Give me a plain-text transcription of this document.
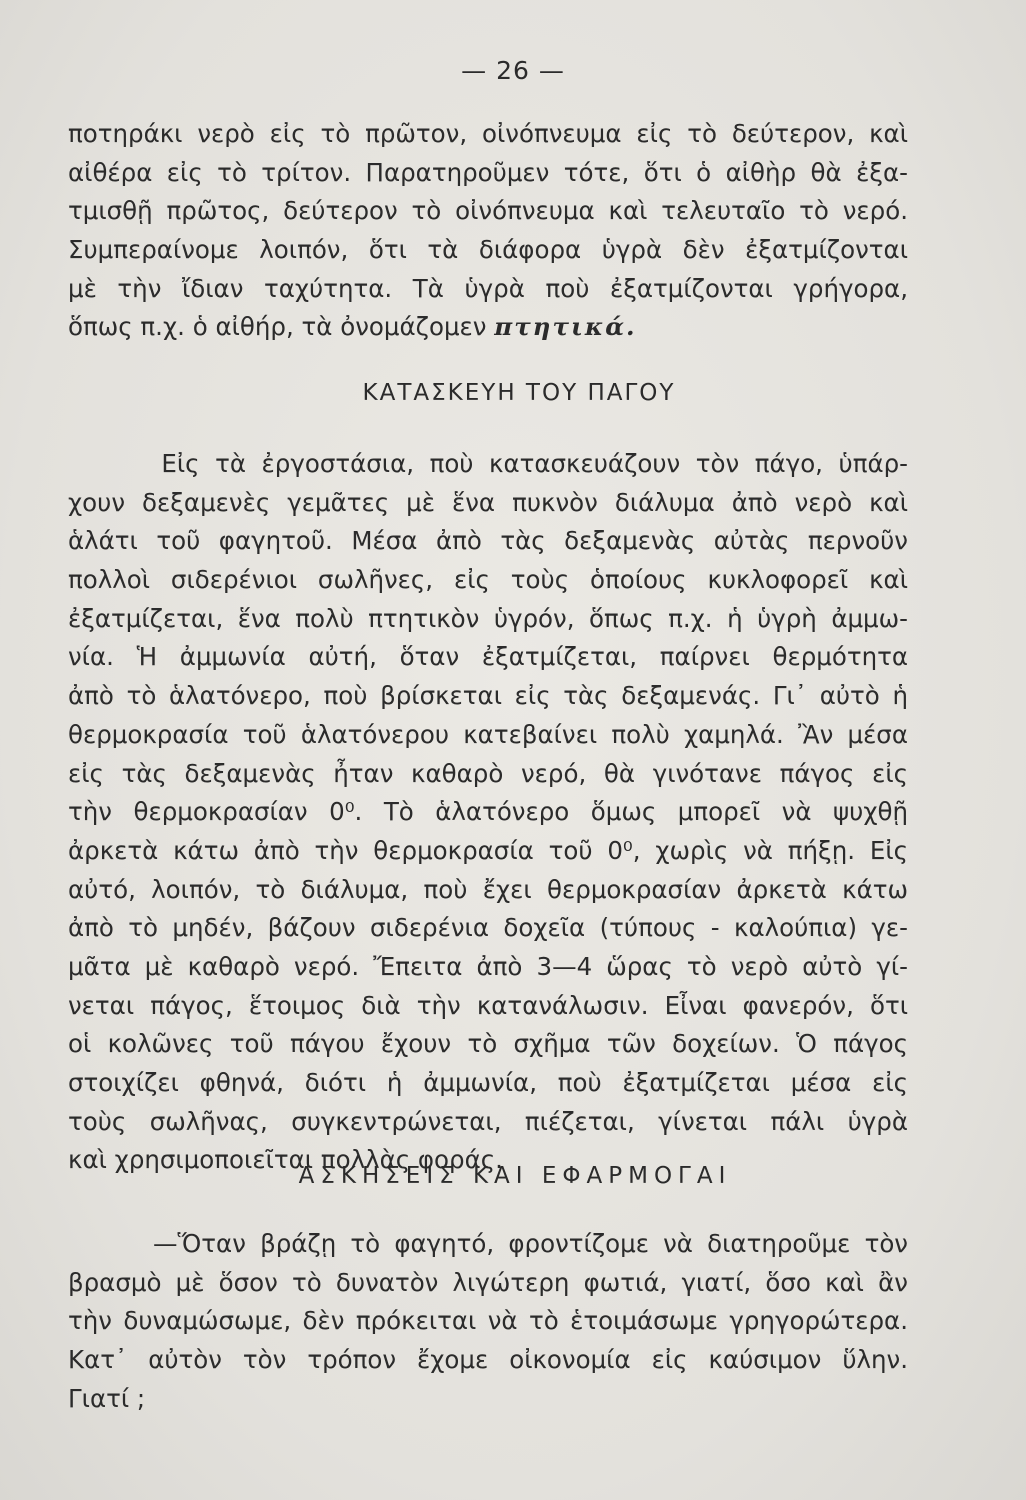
— 26 —
ποτηράκι νερὸ εἰς τὸ πρῶτον, οἰνόπνευμα εἰς τὸ δεύτερον, καὶ
αἰθέρα εἰς τὸ τρίτον. Παρατηροῦμεν τότε, ὅτι ὁ αἰθὴρ θὰ ἐξα-
τμισθῇ πρῶτος, δεύτερον τὸ οἰνόπνευμα καὶ τελευταῖο τὸ νερό.
Συμπεραίνομε λοιπόν, ὅτι τὰ διάφορα ὑγρὰ δὲν ἐξατμίζονται
μὲ τὴν ἴδιαν ταχύτητα. Τὰ ὑγρὰ ποὺ ἐξατμίζονται γρήγορα,
ὅπως π.χ. ὁ αἰθήρ, τὰ ὀνομάζομεν πτητικά.
ΚΑΤΑΣΚΕΥΗ ΤΟΥ ΠΑΓΟΥ
Εἰς τὰ ἐργοστάσια, ποὺ κατασκευάζουν τὸν πάγο, ὑπάρ-
χουν δεξαμενὲς γεμᾶτες μὲ ἕνα πυκνὸν διάλυμα ἀπὸ νερὸ καὶ
ἁλάτι τοῦ φαγητοῦ. Μέσα ἀπὸ τὰς δεξαμενὰς αὐτὰς περνοῦν
πολλοὶ σιδερένιοι σωλῆνες, εἰς τοὺς ὁποίους κυκλοφορεῖ καὶ
ἐξατμίζεται, ἕνα πολὺ πτητικὸν ὑγρόν, ὅπως π.χ. ἡ ὑγρὴ ἀμμω-
νία. Ἡ ἀμμωνία αὐτή, ὅταν ἐξατμίζεται, παίρνει θερμότητα
ἀπὸ τὸ ἁλατόνερο, ποὺ βρίσκεται εἰς τὰς δεξαμενάς. Γι᾽ αὐτὸ ἡ
θερμοκρασία τοῦ ἁλατόνερου κατεβαίνει πολὺ χαμηλά. Ἂν μέσα
εἰς τὰς δεξαμενὰς ἦταν καθαρὸ νερό, θὰ γινότανε πάγος εἰς
τὴν θερμοκρασίαν 0⁰. Τὸ ἁλατόνερο ὅμως μπορεῖ νὰ ψυχθῇ
ἀρκετὰ κάτω ἀπὸ τὴν θερμοκρασία τοῦ 0⁰, χωρὶς νὰ πήξῃ. Εἰς
αὐτό, λοιπόν, τὸ διάλυμα, ποὺ ἔχει θερμοκρασίαν ἀρκετὰ κάτω
ἀπὸ τὸ μηδέν, βάζουν σιδερένια δοχεῖα (τύπους - καλούπια) γε-
μᾶτα μὲ καθαρὸ νερό. Ἔπειτα ἀπὸ 3—4 ὥρας τὸ νερὸ αὐτὸ γί-
νεται πάγος, ἕτοιμος διὰ τὴν κατανάλωσιν. Εἶναι φανερόν, ὅτι
οἱ κολῶνες τοῦ πάγου ἔχουν τὸ σχῆμα τῶν δοχείων. Ὁ πάγος
στοιχίζει φθηνά, διότι ἡ ἀμμωνία, ποὺ ἐξατμίζεται μέσα εἰς
τοὺς σωλῆνας, συγκεντρώνεται, πιέζεται, γίνεται πάλι ὑγρὰ
καὶ χρησιμοποιεῖται πολλὰς φοράς.
ΑΣΚΗΣΕΙΣ ΚΑΙ ΕΦΑΡΜΟΓΑΙ
—Ὅταν βράζῃ τὸ φαγητό, φροντίζομε νὰ διατηροῦμε τὸν
βρασμὸ μὲ ὅσον τὸ δυνατὸν λιγώτερη φωτιά, γιατί, ὅσο καὶ ἂν
τὴν δυναμώσωμε, δὲν πρόκειται νὰ τὸ ἑτοιμάσωμε γρηγορώτερα.
Κατ᾽ αὐτὸν τὸν τρόπον ἔχομε οἰκονομία εἰς καύσιμον ὕλην.
Γιατί ;
